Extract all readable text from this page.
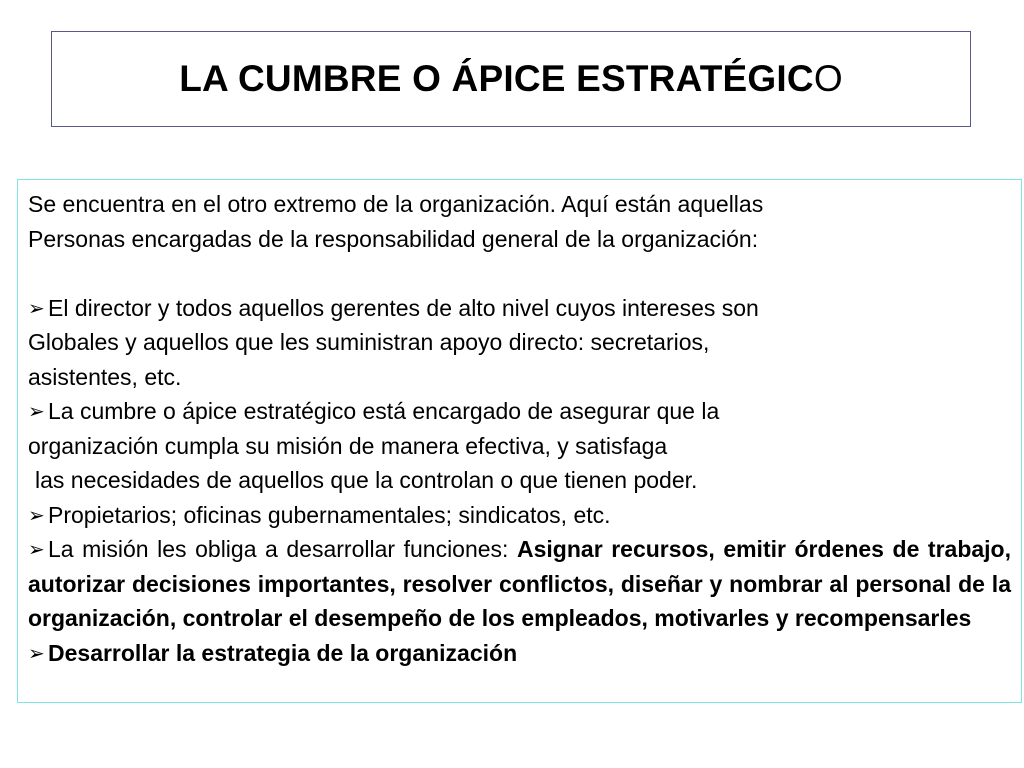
LA CUMBRE O ÁPICE ESTRATÉGICO

Se encuentra en el otro extremo de la organización. Aquí están aquellas

Personas encargadas de la responsabilidad general de la organización:

➢ El director y todos aquellos gerentes de alto nivel cuyos intereses son

Globales y aquellos que les suministran apoyo directo: secretarios,

asistentes, etc.

➢ La cumbre o ápice estratégico está encargado de asegurar que la

organización cumpla su misión de manera efectiva, y satisfaga

las necesidades de aquellos que la controlan o que tienen poder.

➢ Propietarios; oficinas gubernamentales; sindicatos, etc.

➢ La misión les obliga a desarrollar funciones: Asignar recursos, emitir órdenes de trabajo, autorizar decisiones importantes, resolver conflictos, diseñar y nombrar al personal de la organización, controlar el desempeño de los empleados, motivarles y recompensarles

➢ Desarrollar la estrategia de la organización
